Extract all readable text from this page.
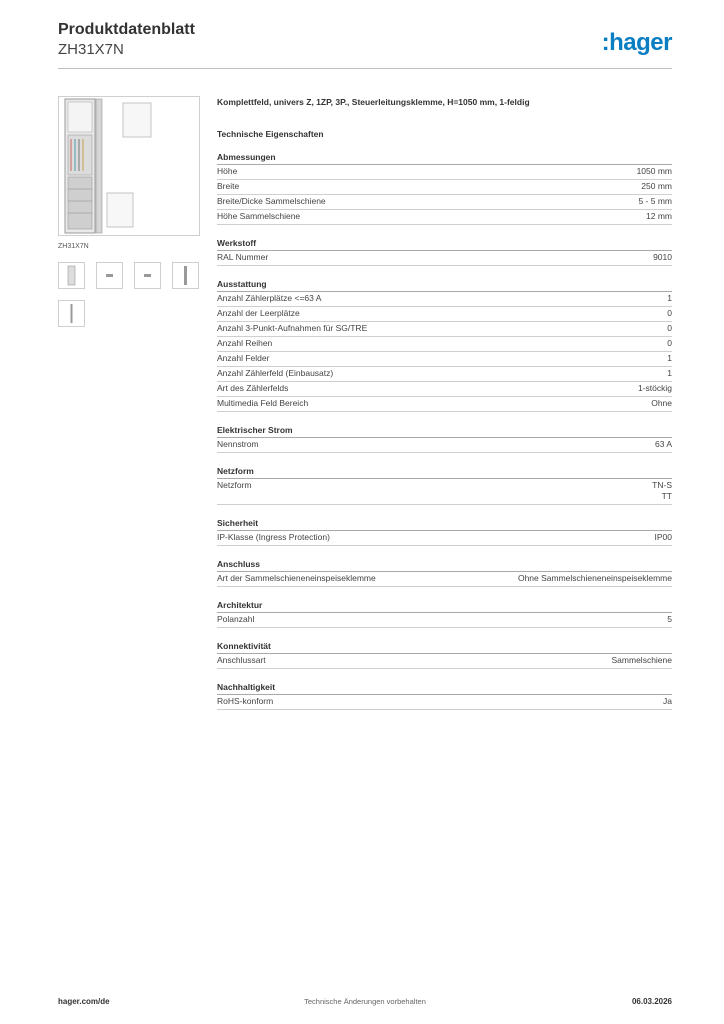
Produktdatenblatt
ZH31X7N	:hager
ZH31X7N
Komplettfeld, univers Z, 1ZP, 3P., Steuerleitungsklemme, H=1050 mm, 1-feldig
Technische Eigenschaften
Abmessungen
Höhe	1050 mm
Breite	250 mm
Breite/Dicke Sammelschiene	5 - 5 mm
Höhe Sammelschiene	12 mm
Werkstoff
RAL Nummer	9010
Ausstattung
Anzahl Zählerplätze <=63 A	1
Anzahl der Leerplätze	0
Anzahl 3-Punkt-Aufnahmen für SG/TRE	0
Anzahl Reihen	0
Anzahl Felder	1
Anzahl Zählerfeld (Einbausatz)	1
Art des Zählerfelds	1-stöckig
Multimedia Feld Bereich	Ohne
Elektrischer Strom
Nennstrom	63 A
Netzform
Netzform	TN-S
TT
Sicherheit
IP-Klasse (Ingress Protection)	IP00
Anschluss
Art der Sammelschieneneinspeiseklemme	Ohne Sammelschieneneinspeiseklemme
Architektur
Polanzahl	5
Konnektivität
Anschlussart	Sammelschiene
Nachhaltigkeit
RoHS-konform	Ja
hager.com/de	Technische Änderungen vorbehalten	06.03.2026
